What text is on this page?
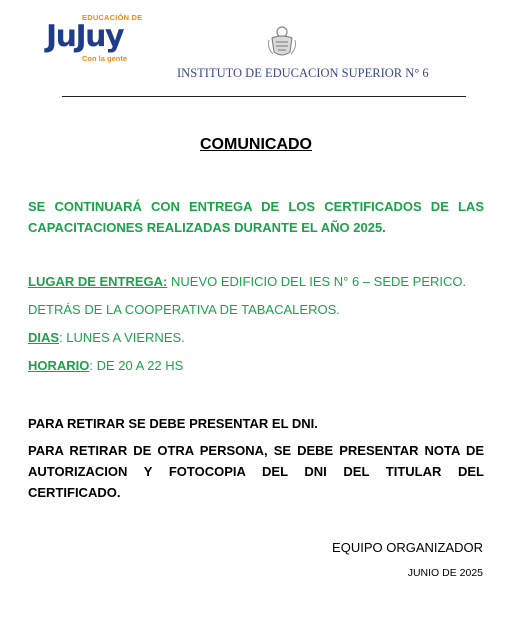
EDUCACIÓN DE
JuJuy
Con la gente
INSTITUTO DE EDUCACION SUPERIOR N° 6
COMUNICADO
SE CONTINUARÁ CON ENTREGA DE LOS CERTIFICADOS DE LAS CAPACITACIONES REALIZADAS DURANTE EL AÑO 2025.
LUGAR DE ENTREGA: NUEVO EDIFICIO DEL IES N° 6 – SEDE PERICO.
DETRÁS DE LA COOPERATIVA DE TABACALEROS.
DIAS: LUNES A VIERNES.
HORARIO: DE 20 A 22 HS
PARA RETIRAR SE DEBE PRESENTAR EL DNI.
PARA RETIRAR DE OTRA PERSONA, SE DEBE PRESENTAR NOTA DE AUTORIZACION Y FOTOCOPIA DEL DNI DEL TITULAR DEL CERTIFICADO.
EQUIPO ORGANIZADOR
JUNIO DE 2025
